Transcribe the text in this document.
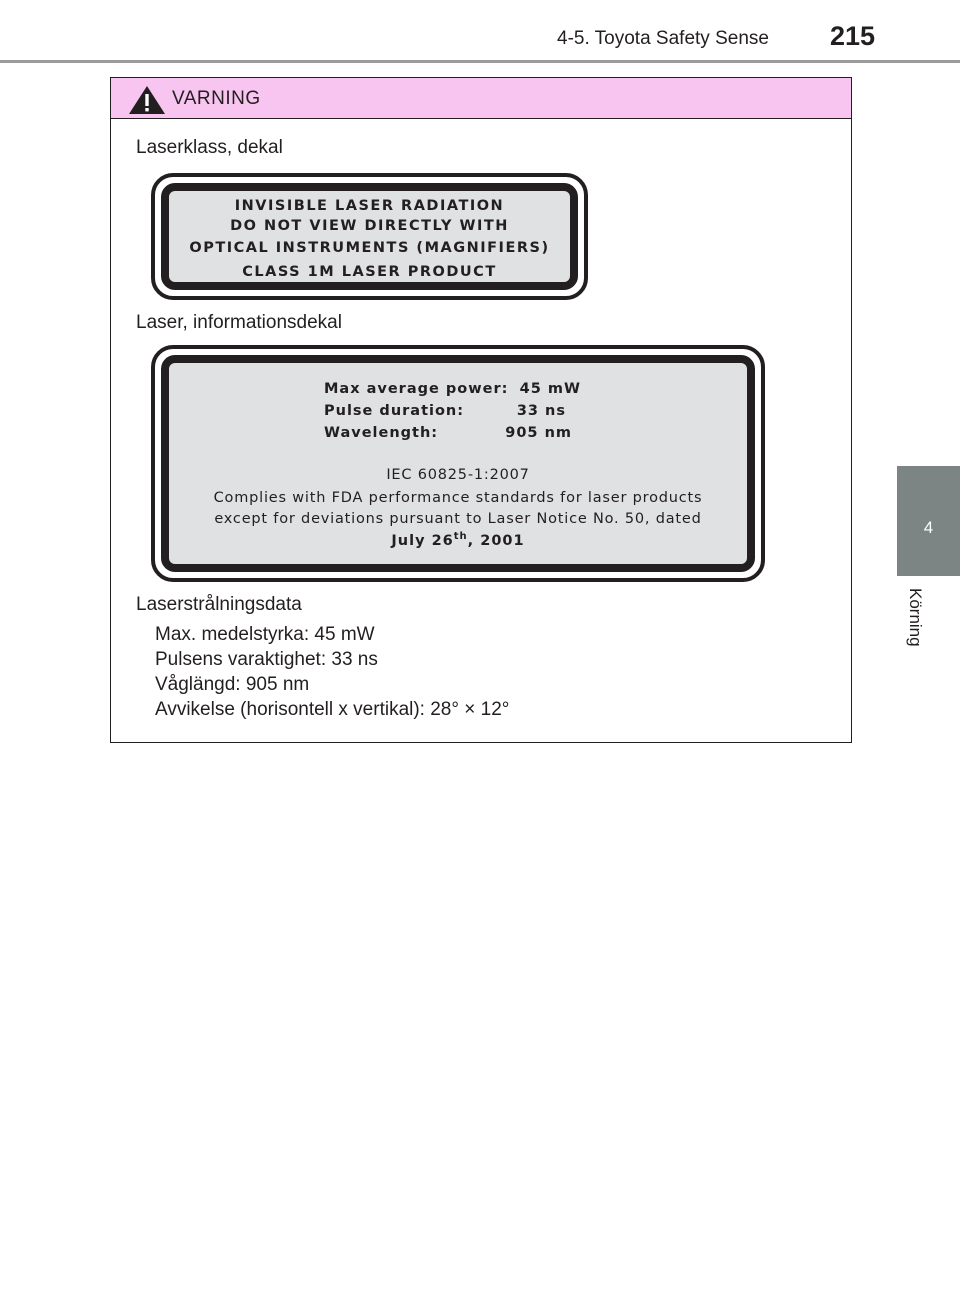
4-5. Toyota Safety Sense 215
4
Körning
VARNING
Laserklass, dekal
INVISIBLE LASER RADIATION
DO NOT VIEW DIRECTLY WITH
OPTICAL INSTRUMENTS (MAGNIFIERS)
CLASS 1M LASER PRODUCT
Laser, informationsdekal
Max average power: 45 mW
Pulse duration:	33 ns
Wavelength:	905 nm
IEC 60825-1:2007
Complies with FDA performance standards for laser products
except for deviations pursuant to Laser Notice No. 50, dated
July 26th, 2001
Laserstrålningsdata
Max. medelstyrka: 45 mW
Pulsens varaktighet: 33 ns
Våglängd: 905 nm
Avvikelse (horisontell x vertikal): 28° × 12°
